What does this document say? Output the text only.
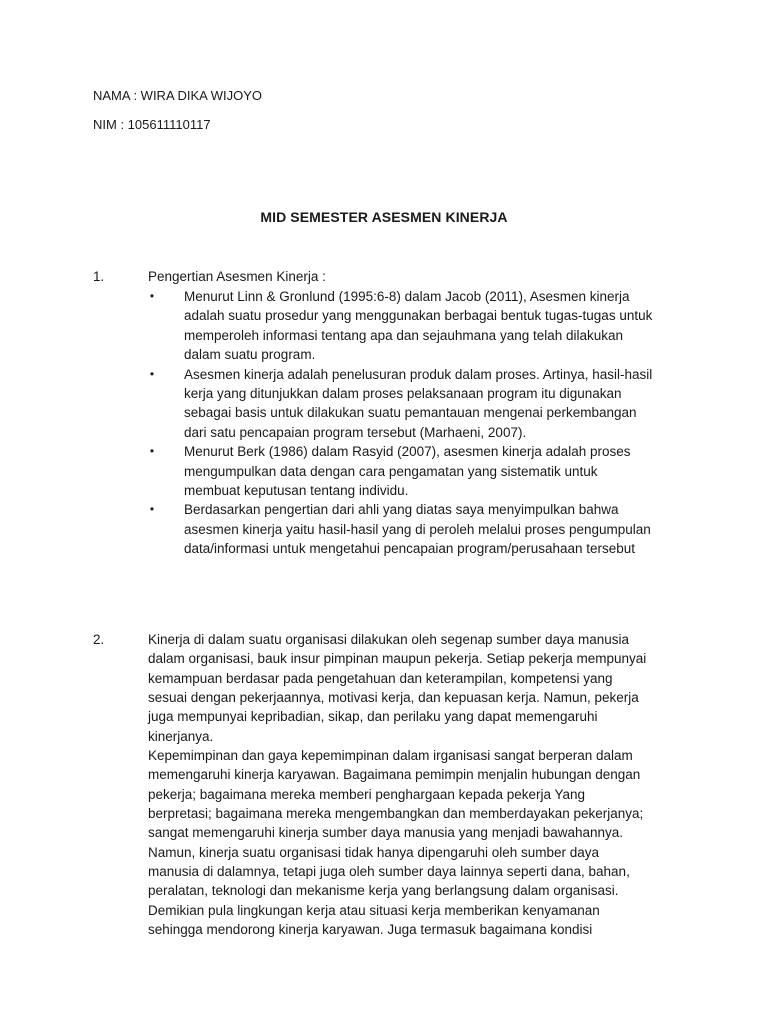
NAMA : WIRA DIKA WIJOYO
NIM : 105611110117
MID SEMESTER ASESMEN KINERJA
1.	Pengertian Asesmen Kinerja :
• Menurut Linn & Gronlund (1995:6-8) dalam Jacob (2011), Asesmen kinerja
adalah suatu prosedur yang menggunakan berbagai bentuk tugas-tugas untuk
memperoleh informasi tentang apa dan sejauhmana yang telah dilakukan
dalam suatu program.
• Asesmen kinerja adalah penelusuran produk dalam proses. Artinya, hasil-hasil
kerja yang ditunjukkan dalam proses pelaksanaan program itu digunakan
sebagai basis untuk dilakukan suatu pemantauan mengenai perkembangan
dari satu pencapaian program tersebut (Marhaeni, 2007).
• Menurut Berk (1986) dalam Rasyid (2007), asesmen kinerja adalah proses
mengumpulkan data dengan cara pengamatan yang sistematik untuk
membuat keputusan tentang individu.
• Berdasarkan pengertian dari ahli yang diatas saya menyimpulkan bahwa
asesmen kinerja yaitu hasil-hasil yang di peroleh melalui proses pengumpulan
data/informasi untuk mengetahui pencapaian program/perusahaan tersebut
2.	Kinerja di dalam suatu organisasi dilakukan oleh segenap sumber daya manusia
dalam organisasi, bauk insur pimpinan maupun pekerja. Setiap pekerja mempunyai
kemampuan berdasar pada pengetahuan dan keterampilan, kompetensi yang
sesuai dengan pekerjaannya, motivasi kerja, dan kepuasan kerja. Namun, pekerja
juga mempunyai kepribadian, sikap, dan perilaku yang dapat memengaruhi
kinerjanya.
Kepemimpinan dan gaya kepemimpinan dalam irganisasi sangat berperan dalam
memengaruhi kinerja karyawan. Bagaimana pemimpin menjalin hubungan dengan
pekerja; bagaimana mereka memberi penghargaan kepada pekerja Yang
berpretasi; bagaimana mereka mengembangkan dan memberdayakan pekerjanya;
sangat memengaruhi kinerja sumber daya manusia yang menjadi bawahannya.
Namun, kinerja suatu organisasi tidak hanya dipengaruhi oleh sumber daya
manusia di dalamnya, tetapi juga oleh sumber daya lainnya seperti dana, bahan,
peralatan, teknologi dan mekanisme kerja yang berlangsung dalam organisasi.
Demikian pula lingkungan kerja atau situasi kerja memberikan kenyamanan
sehingga mendorong kinerja karyawan. Juga termasuk bagaimana kondisi
